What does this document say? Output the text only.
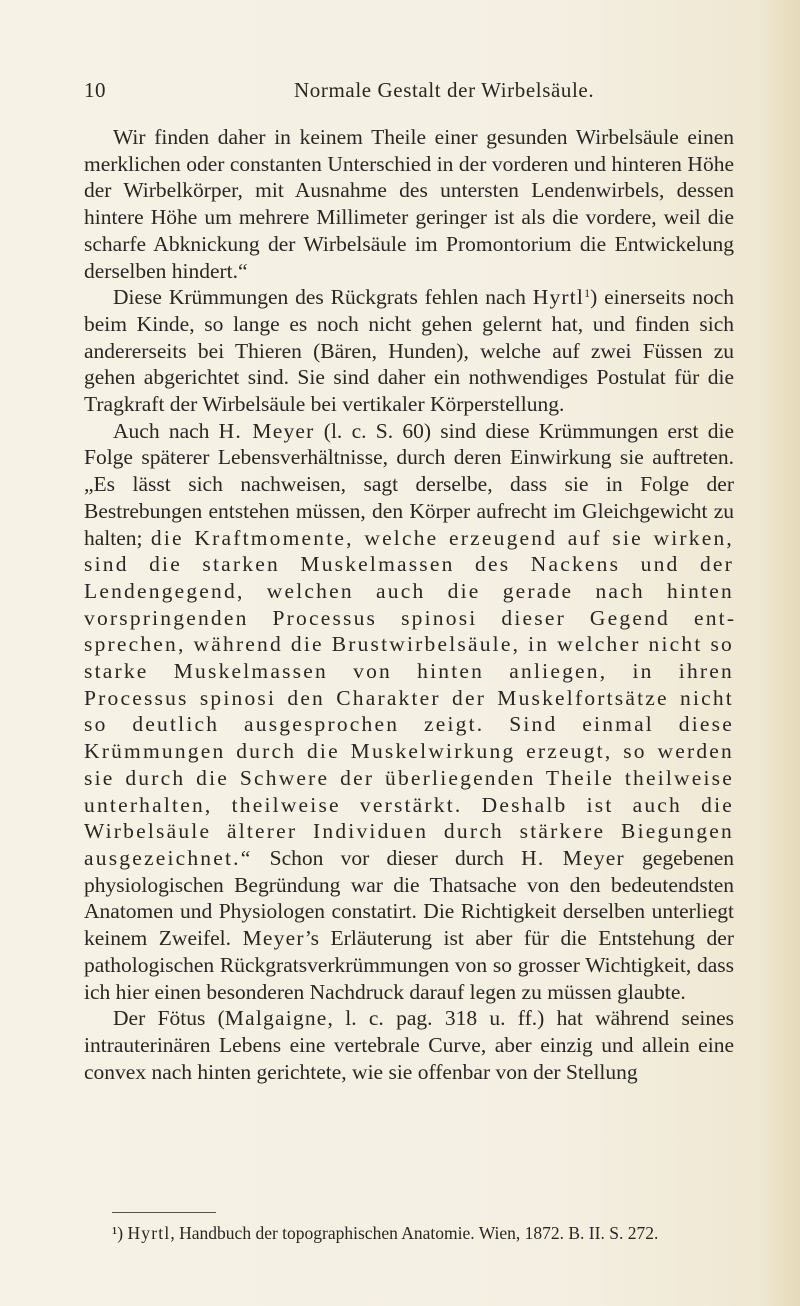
10	Normale Gestalt der Wirbelsäule.

Wir finden daher in keinem Theile einer gesunden Wirbelsäule einen merklichen oder constanten Unterschied in der vorderen und hinteren Höhe der Wirbelkörper, mit Ausnahme des untersten Lendenwirbels, dessen hintere Höhe um mehrere Millimeter geringer ist als die vordere, weil die scharfe Abknickung der Wirbelsäule im Promontorium die Entwickelung derselben hindert.“

Diese Krümmungen des Rückgrats fehlen nach Hyrtl$^1$) einerseits noch beim Kinde, so lange es noch nicht gehen gelernt hat, und finden sich andererseits bei Thieren (Bären, Hunden), welche auf zwei Füssen zu gehen abgerichtet sind. Sie sind daher ein nothwendiges Postulat für die Tragkraft der Wirbelsäule bei vertikaler Körperstellung.

Auch nach H. Meyer (l. c. S. 60) sind diese Krümmungen erst die Folge späterer Lebensverhältnisse, durch deren Einwirkung sie auftreten. „Es lässt sich nachweisen, sagt derselbe, dass sie in Folge der Bestrebungen entstehen müssen, den Körper aufrecht im Gleichgewicht zu halten; die Kraftmomente, welche erzeugend auf sie wirken, sind die starken Muskelmassen des Nackens und der Lendengegend, welchen auch die gerade nach hinten vorspringenden Processus spinosi dieser Gegend entsprechen, während die Brustwirbelsäule, in welcher nicht so starke Muskelmassen von hinten anliegen, in ihren Processus spinosi den Charakter der Muskelfortsätze nicht so deutlich ausgesprochen zeigt. Sind einmal diese Krümmungen durch die Muskelwirkung erzeugt, so werden sie durch die Schwere der überliegenden Theile theilweise unterhalten, theilweise verstärkt. Deshalb ist auch die Wirbelsäule älterer Individuen durch stärkere Biegungen ausgezeichnet.“ Schon vor dieser durch H. Meyer gegebenen physiologischen Begründung war die Thatsache von den bedeutendsten Anatomen und Physiologen constatirt. Die Richtigkeit derselben unterliegt keinem Zweifel. Meyer’s Erläuterung ist aber für die Entstehung der pathologischen Rückgratsverkrümmungen von so grosser Wichtigkeit, dass ich hier einen besonderen Nachdruck darauf legen zu müssen glaubte.

Der Fötus (Malgaigne, l. c. pag. 318 u. ff.) hat während seines intrauterinären Lebens eine vertebrale Curve, aber einzig und allein eine convex nach hinten gerichtete, wie sie offenbar von der Stellung

¹) Hyrtl, Handbuch der topographischen Anatomie. Wien, 1872. B. II. S. 272.
